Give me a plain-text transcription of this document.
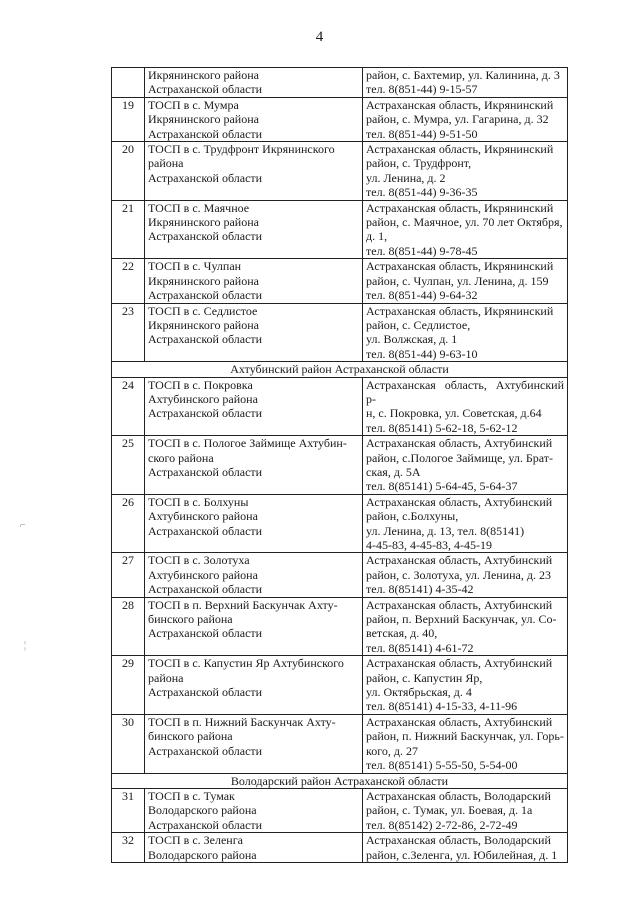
4
⌐
¦

	Икрянинского района
Астраханской области	район, с. Бахтемир, ул. Калинина, д. 3
тел. 8(851-44) 9-15-57

19	ТОСП в с. Мумра
Икрянинского района
Астраханской области	Астраханская область, Икрянинский
район, с. Мумра, ул. Гагарина, д. 32
тел. 8(851-44) 9-51-50

20	ТОСП в с. Трудфронт Икрянинского
района
Астраханской области	Астраханская область, Икрянинский
район, с. Трудфронт,
ул. Ленина, д. 2
тел. 8(851-44) 9-36-35

21	ТОСП в с. Маячное
Икрянинского района
Астраханской области	Астраханская область, Икрянинский
район, с. Маячное, ул. 70 лет Октября,
д. 1,
тел. 8(851-44) 9-78-45

22	ТОСП в с. Чулпан
Икрянинского района
Астраханской области	Астраханская область, Икрянинский
район, с. Чулпан, ул. Ленина, д. 159
тел. 8(851-44) 9-64-32

23	ТОСП в с. Седлистое
Икрянинского района
Астраханской области	Астраханская область, Икрянинский
район, с. Седлистое,
ул. Волжская, д. 1
тел. 8(851-44) 9-63-10

Ахтубинский район Астраханской области		
24	ТОСП в с. Покровка
Ахтубинского района
Астраханской области	Астраханская область, Ахтубинский р-
н, с. Покровка, ул. Советская, д.64
тел. 8(85141) 5-62-18, 5-62-12

25	ТОСП в с. Пологое Займище Ахтубин-
ского района
Астраханской области	Астраханская область, Ахтубинский
район, с.Пологое Займище, ул. Брат-
ская, д. 5А
тел. 8(85141) 5-64-45, 5-64-37

26	ТОСП в с. Болхуны
Ахтубинского района
Астраханской области	Астраханская область, Ахтубинский
район, с.Болхуны,
ул. Ленина, д. 13, тел. 8(85141)
4-45-83, 4-45-83, 4-45-19

27	ТОСП в с. Золотуха
Ахтубинского района
Астраханской области	Астраханская область, Ахтубинский
район, с. Золотуха, ул. Ленина, д. 23
тел. 8(85141) 4-35-42

28	ТОСП в п. Верхний Баскунчак Ахту-
бинского района
Астраханской области	Астраханская область, Ахтубинский
район, п. Верхний Баскунчак, ул. Со-
ветская, д. 40,
тел. 8(85141) 4-61-72

29	ТОСП в с. Капустин Яр Ахтубинского
района
Астраханской области	Астраханская область, Ахтубинский
район, с. Капустин Яр,
ул. Октябрьская, д. 4
тел. 8(85141) 4-15-33, 4-11-96

30	ТОСП в п. Нижний Баскунчак Ахту-
бинского района
Астраханской области	Астраханская область, Ахтубинский
район, п. Нижний Баскунчак, ул. Горь-
кого, д. 27
тел. 8(85141) 5-55-50, 5-54-00

Володарский район Астраханской области		
31	ТОСП в с. Тумак
Володарского района
Астраханской области	Астраханская область, Володарский
район, с. Тумак, ул. Боевая, д. 1а
тел. 8(85142) 2-72-86, 2-72-49

32	ТОСП в с. Зеленга
Володарского района	Астраханская область, Володарский
район, с.Зеленга, ул. Юбилейная, д. 1
